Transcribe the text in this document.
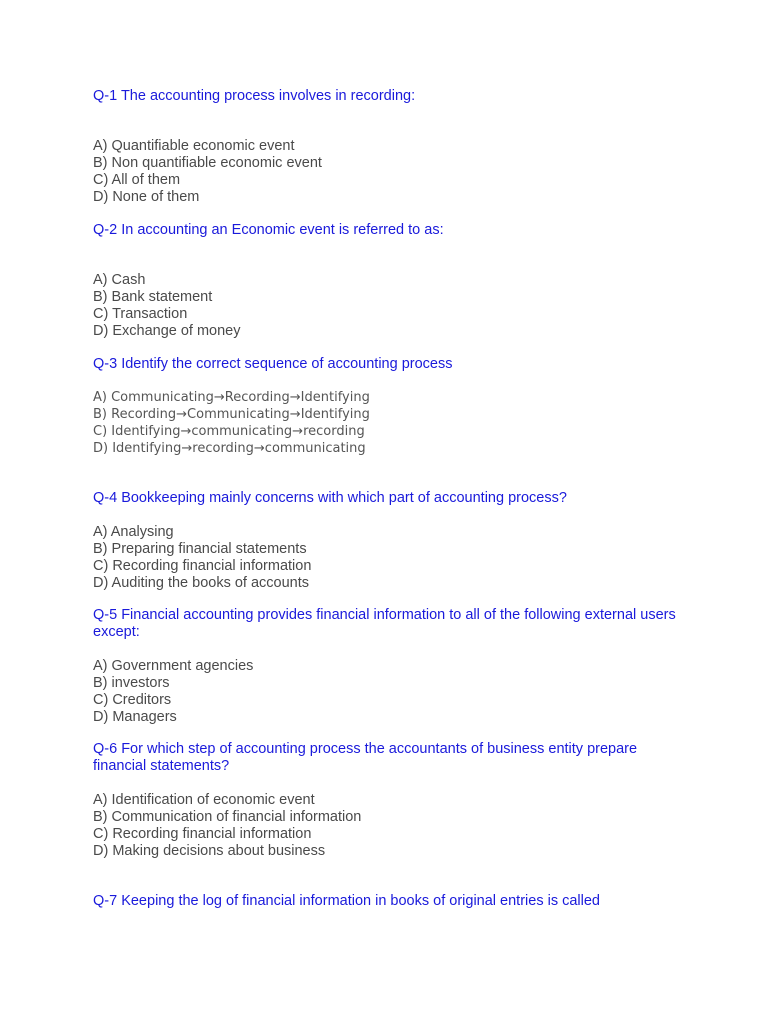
Q-1 The accounting process involves in recording:

A) Quantifiable economic event
B) Non quantifiable economic event
C) All of them
D) None of them

Q-2 In accounting an Economic event is referred to as:

A) Cash
B) Bank statement
C) Transaction
D) Exchange of money

Q-3 Identify the correct sequence of accounting process

A) Communicating→Recording→Identifying
B) Recording→Communicating→Identifying
C) Identifying→communicating→recording
D) Identifying→recording→communicating

Q-4 Bookkeeping mainly concerns with which part of accounting process?

A) Analysing
B) Preparing financial statements
C) Recording financial information
D) Auditing the books of accounts

Q-5 Financial accounting provides financial information to all of the following external users except:

A) Government agencies
B) investors
C) Creditors
D) Managers

Q-6 For which step of accounting process the accountants of business entity prepare financial statements?

A) Identification of economic event
B) Communication of financial information
C) Recording financial information
D) Making decisions about business

Q-7 Keeping the log of financial information in books of original entries is called
